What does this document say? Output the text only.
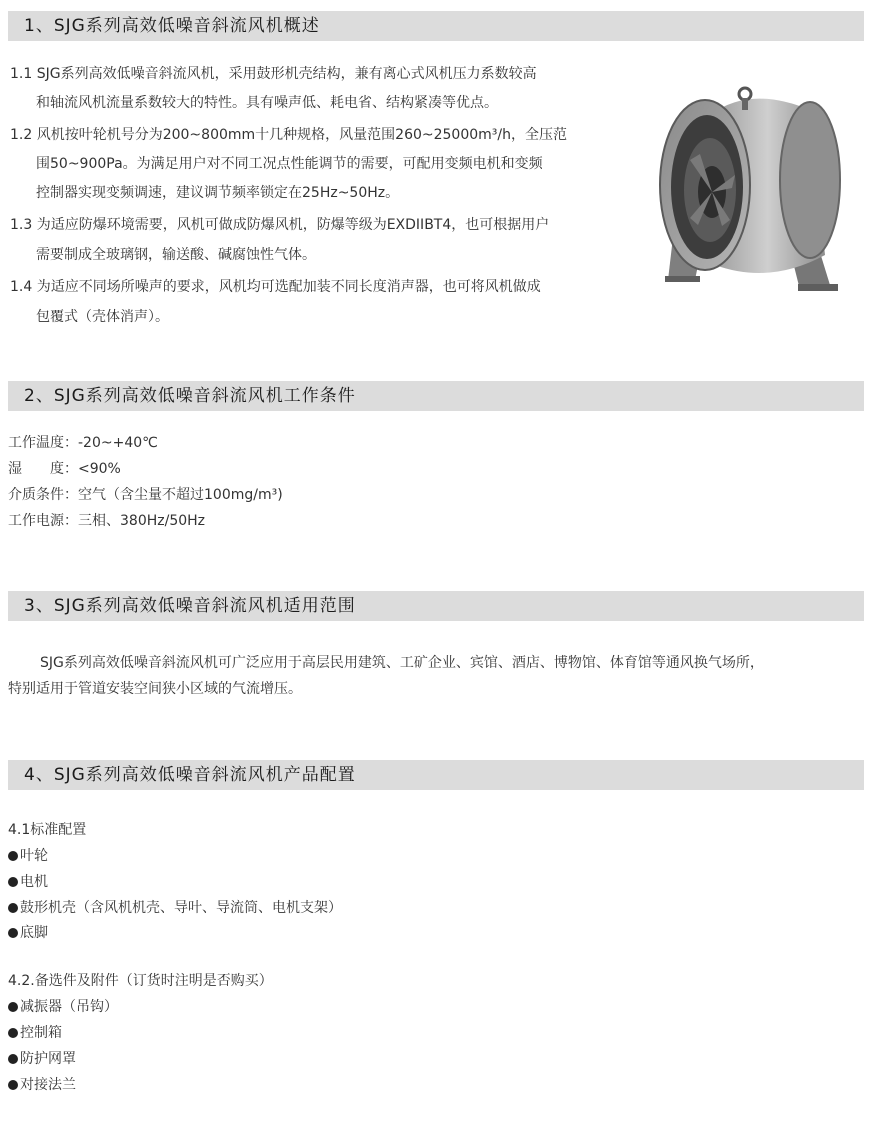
1、SJG系列高效低噪音斜流风机概述
1.1 SJG系列高效低噪音斜流风机，采用鼓形机壳结构，兼有离心式风机压力系数较高
和轴流风机流量系数较大的特性。具有噪声低、耗电省、结构紧凑等优点。
1.2 风机按叶轮机号分为200~800mm十几种规格，风量范围260~25000m³/h，全压范
围50~900Pa。为满足用户对不同工况点性能调节的需要，可配用变频电机和变频
控制器实现变频调速，建议调节频率锁定在25Hz~50Hz。
1.3 为适应防爆环境需要，风机可做成防爆风机，防爆等级为EXDIIBT4，也可根据用户
需要制成全玻璃钢，输送酸、碱腐蚀性气体。
1.4 为适应不同场所噪声的要求，风机均可选配加装不同长度消声器，也可将风机做成
包覆式（壳体消声）。
2、SJG系列高效低噪音斜流风机工作条件
工作温度：-20~+40℃
湿　　度：<90%
介质条件：空气（含尘量不超过100mg/m³)
工作电源：三相、380Hz/50Hz
3、SJG系列高效低噪音斜流风机适用范围
SJG系列高效低噪音斜流风机可广泛应用于高层民用建筑、工矿企业、宾馆、酒店、博物馆、体育馆等通风换气场所，
特别适用于管道安装空间狭小区域的气流增压。
4、SJG系列高效低噪音斜流风机产品配置
4.1标准配置
叶轮
电机
鼓形机壳（含风机机壳、导叶、导流筒、电机支架）
底脚
4.2.备选件及附件（订货时注明是否购买）
减振器（吊钩）
控制箱
防护网罩
对接法兰
